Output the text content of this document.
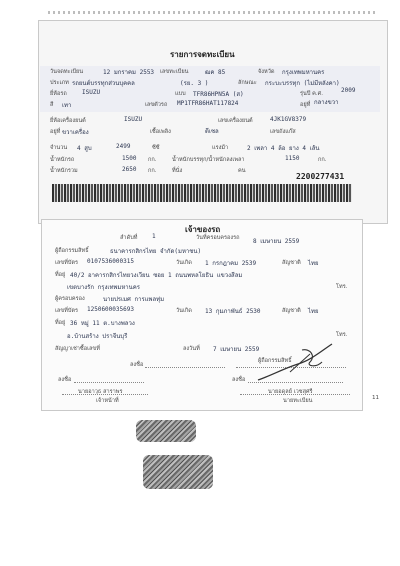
รายการจดทะเบียน
วันจดทะเบียน	12 มกราคม 2553 เลขทะเบียน	ฒค 85	จังหวัด กรุงเทพมหานคร
ประเภท รถยนต์บรรทุกส่วนบุคคล	(รย. 3 )	ลักษณะ กระบะบรรทุก (ไม่มีหลังคา)
ยี่ห้อรถ	ISUZU	แบบ TFR86HPN5A (ส)	รุ่นปี ค.ศ.	2009
สี เทา	เลขตัวรถ MP1TFR86HAT117824	อยู่ที่ กลางขวา
ยี่ห้อเครื่องยนต์	ISUZU	เลขเครื่องยนต์	4JK1GV8379
อยู่ที่ ขวาเครื่อง	เชื้อเพลิง	ดีเซล	เลขถังแก๊ส
จำนวน 4 สูบ	2499	ซีซี	แรงม้า	2 เพลา 4 ล้อ ยาง 4 เส้น
น้ำหนักรถ	1500 กก.	น้ำหนักบรรทุก/น้ำหนักลงเพลา	1150	กก.
น้ำหนักรวม	2650 กก.	ที่นั่ง	คน
2200277431
เจ้าของรถ
ลำดับที่ 1	วันที่ครอบครองรถ 8 เมษายน 2559
ผู้ถือกรรมสิทธิ์	ธนาคารกสิกรไทย จำกัด(มหาชน)
เลขที่บัตร 0107536000315	วันเกิด 1 กรกฎาคม 2539	สัญชาติ ไทย
ที่อยู่ 40/2 อาคารกสิกรไทยวงเวียน ซอย 1 ถนนพหลโยธิน แขวงสีลม
เขตบางรัก กรุงเทพมหานคร	โทร.
ผู้ครอบครอง	นายปรเมศ การแพลทุ่ม
เลขที่บัตร 1250600035693	วันเกิด 13 กุมภาพันธ์ 2530	สัญชาติ ไทย
ที่อยู่ 36 หมู่ 11 ต.บางพลวง
อ.บ้านสร้าง ปราจีนบุรี	โทร.
สัญญาเช่าซื้อเลขที่	ลงวันที่ 7 เมษายน 2559
ลงชื่อ
ผู้ถือกรรมสิทธิ์
ลงชื่อ	ลงชื่อ
นายอาวุธ สาราพร	นายอดุลย์ เวชสุศรี
เจ้าหน้าที่	นายทะเบียน	11
